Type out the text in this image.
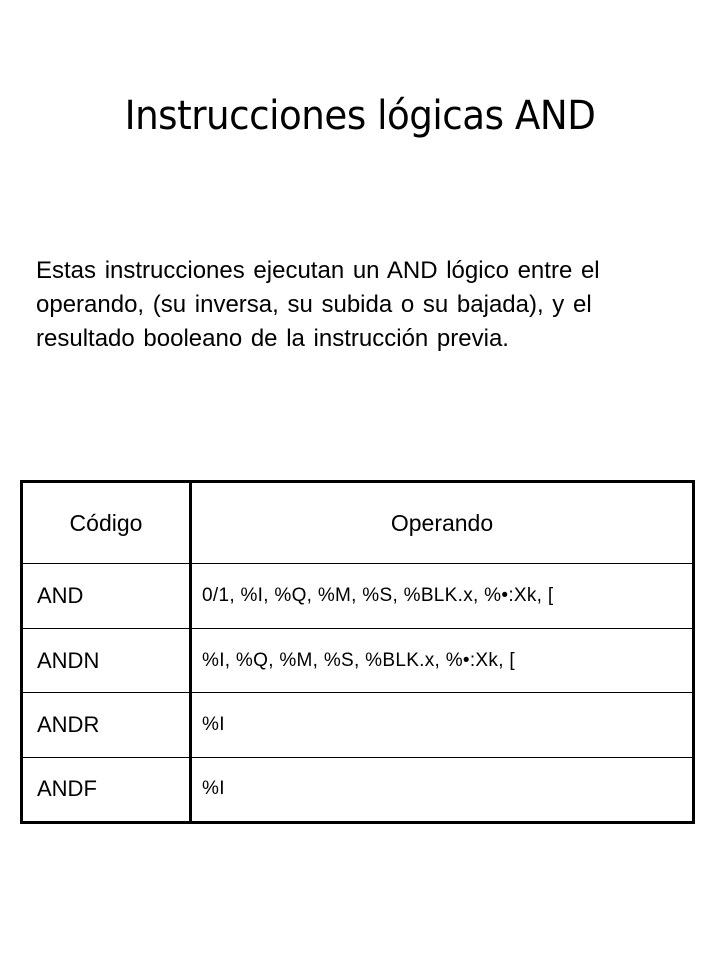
Instrucciones lógicas AND

Estas instrucciones ejecutan un AND lógico entre el operando, (su inversa, su subida o su bajada), y el resultado booleano de la instrucción previa.

Código	Operando
AND	0/1, %I, %Q, %M, %S, %BLK.x, %•:Xk, [
ANDN	%I, %Q, %M, %S, %BLK.x, %•:Xk, [
ANDR	%I
ANDF	%I
